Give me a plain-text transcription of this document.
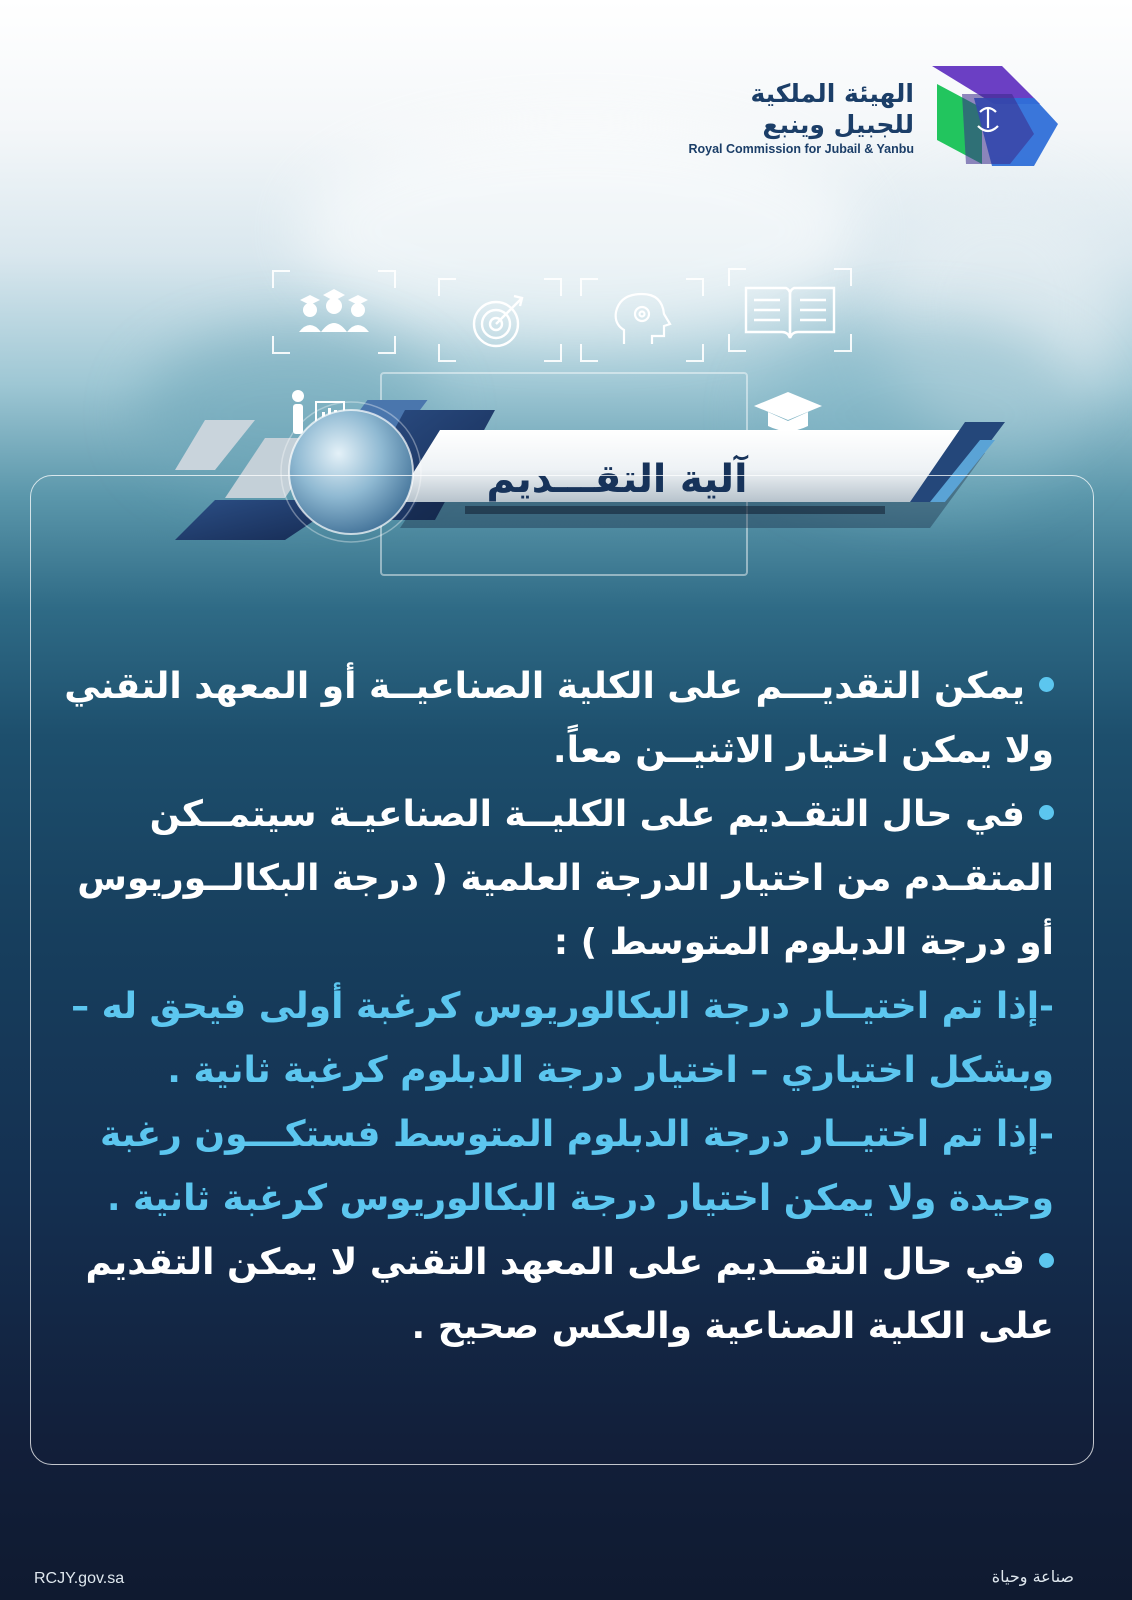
الهيئة الملكية
للجبيل وينبع
Royal Commission for Jubail & Yanbu
آلية التقـــديم
يمكن التقديـــم على الكلية الصناعيــة أو المعهد التقني
ولا يمكن اختيار الاثنيــن معاً.
في حال التقـديم على الكليــة الصناعيـة سيتمــكن
المتقـدم من اختيار الدرجة العلمية ( درجة البكالــوريوس
أو درجة الدبلوم المتوسط ) :
-إذا تم اختيــار درجة البكالوريوس كرغبة أولى فيحق له –
وبشكل اختياري – اختيار درجة الدبلوم كرغبة ثانية .
-إذا تم اختيــار درجة الدبلوم المتوسط فستكـــون رغبة
وحيدة ولا يمكن اختيار درجة البكالوريوس كرغبة ثانية .
في حال التقــديم على المعهد التقني لا يمكن التقديم
على الكلية الصناعية والعكس صحيح .
RCJY.gov.sa	صناعة وحياة
